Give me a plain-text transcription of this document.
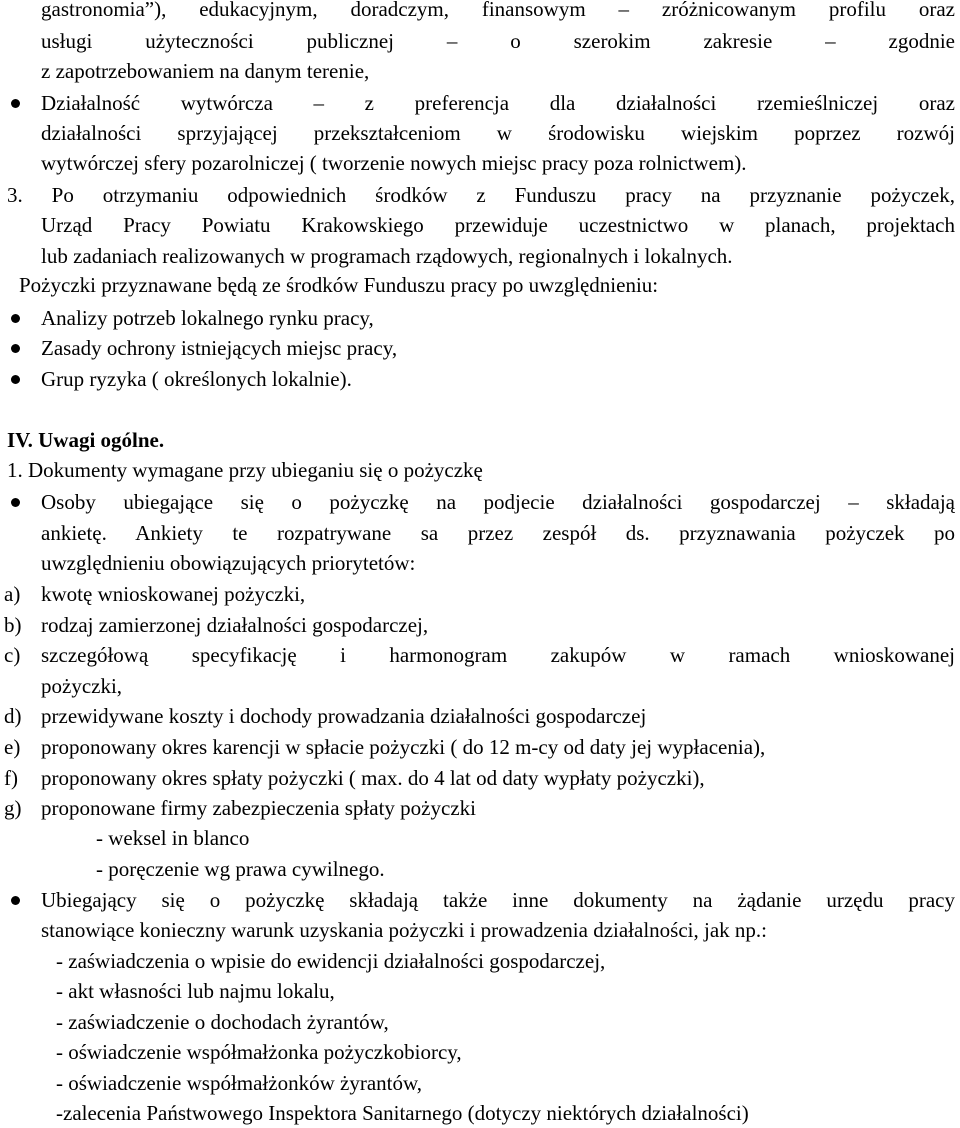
gastronomia”), edukacyjnym, doradczym, finansowym – zróżnicowanym profilu oraz
usługi użyteczności publicznej – o szerokim zakresie – zgodnie
z zapotrzebowaniem na danym terenie,
Działalność wytwórcza – z preferencja dla działalności rzemieślniczej oraz
działalności sprzyjającej przekształceniom w środowisku wiejskim poprzez rozwój
wytwórczej sfery pozarolniczej ( tworzenie nowych miejsc pracy poza rolnictwem).
3. Po otrzymaniu odpowiednich środków z Funduszu pracy na przyznanie pożyczek,
Urząd Pracy Powiatu Krakowskiego przewiduje uczestnictwo w planach, projektach
lub zadaniach realizowanych w programach rządowych, regionalnych i lokalnych.
Pożyczki przyznawane będą ze środków Funduszu pracy po uwzględnieniu:
Analizy potrzeb lokalnego rynku pracy,
Zasady ochrony istniejących miejsc pracy,
Grup ryzyka ( określonych lokalnie).
IV. Uwagi ogólne.
1. Dokumenty wymagane przy ubieganiu się o pożyczkę
Osoby ubiegające się o pożyczkę na podjecie działalności gospodarczej – składają
ankietę. Ankiety te rozpatrywane sa przez zespół ds. przyznawania pożyczek po
uwzględnieniu obowiązujących priorytetów:
a) kwotę wnioskowanej pożyczki,
b) rodzaj zamierzonej działalności gospodarczej,
c) szczegółową specyfikację i harmonogram zakupów w ramach wnioskowanej
pożyczki,
d) przewidywane koszty i dochody prowadzania działalności gospodarczej
e) proponowany okres karencji w spłacie pożyczki ( do 12 m-cy od daty jej wypłacenia),
f) proponowany okres spłaty pożyczki ( max. do 4 lat od daty wypłaty pożyczki),
g) proponowane firmy zabezpieczenia spłaty pożyczki
- weksel in blanco
- poręczenie wg prawa cywilnego.
Ubiegający się o pożyczkę składają także inne dokumenty na żądanie urzędu pracy
stanowiące konieczny warunk uzyskania pożyczki i prowadzenia działalności, jak np.:
- zaświadczenia o wpisie do ewidencji działalności gospodarczej,
- akt własności lub najmu lokalu,
- zaświadczenie o dochodach żyrantów,
- oświadczenie współmałżonka pożyczkobiorcy,
- oświadczenie współmałżonków żyrantów,
-zalecenia Państwowego Inspektora Sanitarnego (dotyczy niektórych działalności)
